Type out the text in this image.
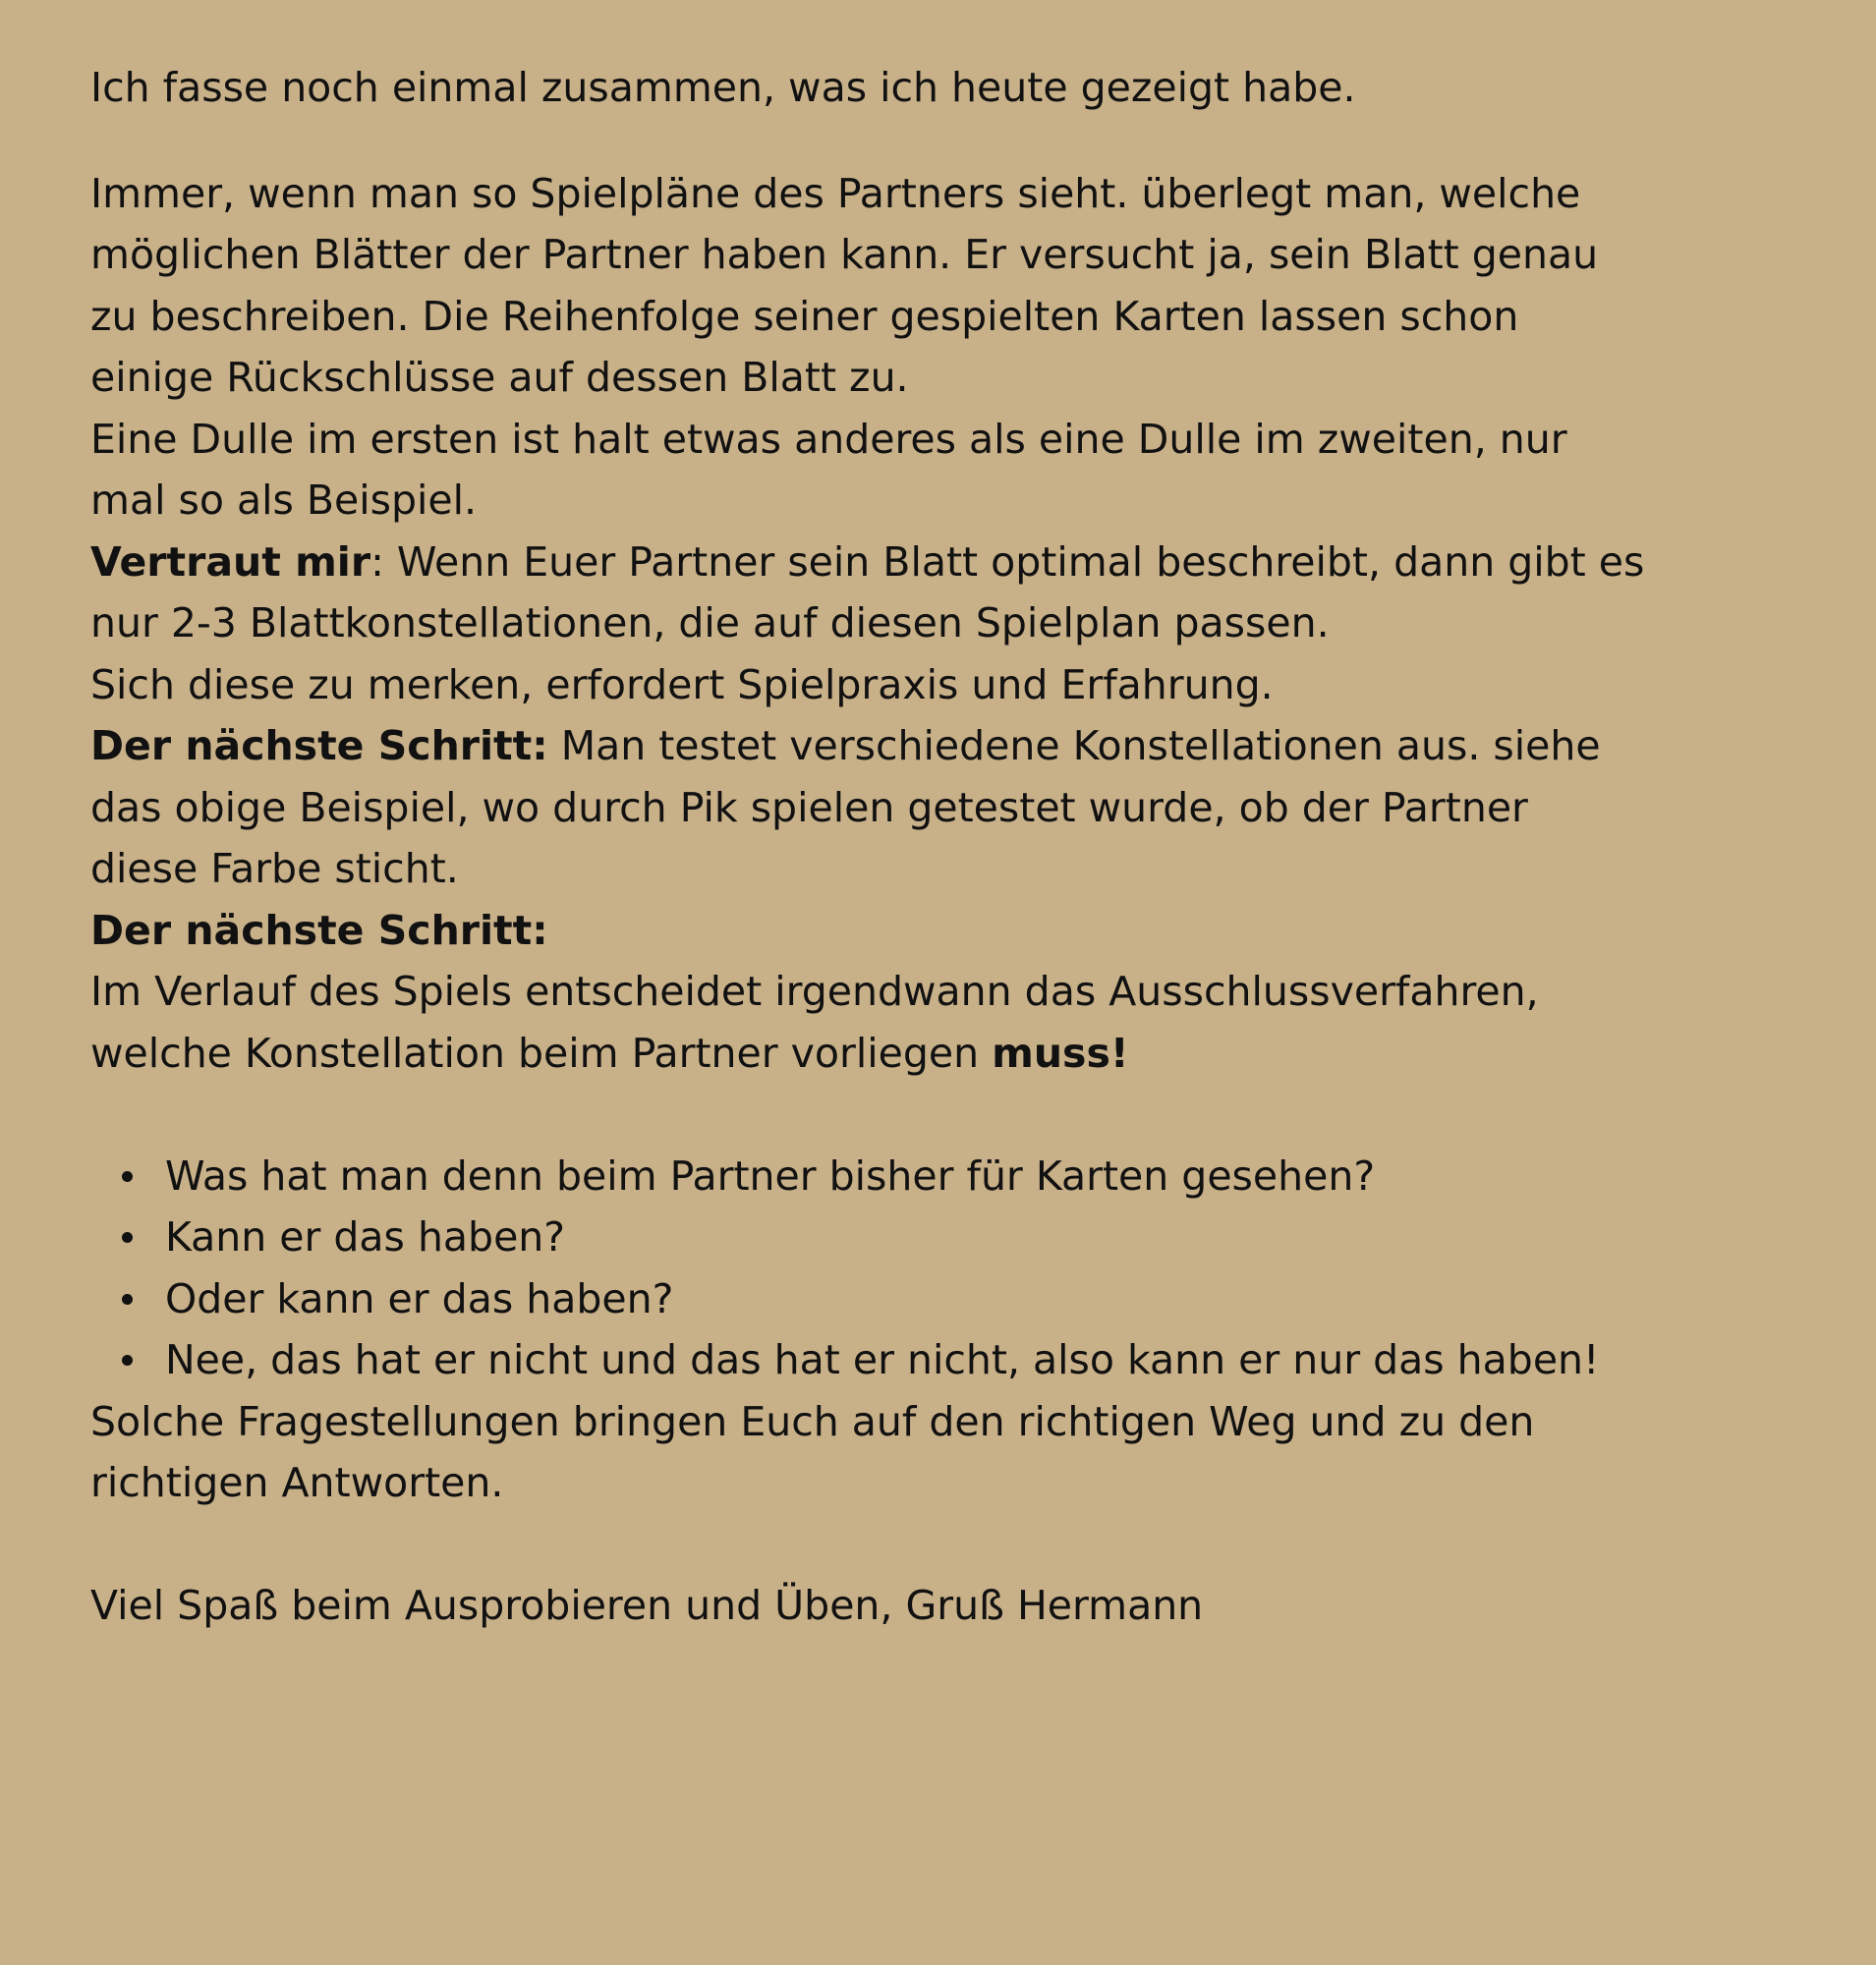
Ich fasse noch einmal zusammen, was ich heute gezeigt habe.
Immer, wenn man so Spielpläne des Partners sieht. überlegt man, welche
möglichen Blätter der Partner haben kann. Er versucht ja, sein Blatt genau
zu beschreiben. Die Reihenfolge seiner gespielten Karten lassen schon
einige Rückschlüsse auf dessen Blatt zu.
Eine Dulle im ersten ist halt etwas anderes als eine Dulle im zweiten, nur
mal so als Beispiel.
Vertraut mir: Wenn Euer Partner sein Blatt optimal beschreibt, dann gibt es
nur 2-3 Blattkonstellationen, die auf diesen Spielplan passen.
Sich diese zu merken, erfordert Spielpraxis und Erfahrung.
Der nächste Schritt: Man testet verschiedene Konstellationen aus. siehe
das obige Beispiel, wo durch Pik spielen getestet wurde, ob der Partner
diese Farbe sticht.
Der nächste Schritt:
Im Verlauf des Spiels entscheidet irgendwann das Ausschlussverfahren,
welche Konstellation beim Partner vorliegen muss!
Was hat man denn beim Partner bisher für Karten gesehen?
Kann er das haben?
Oder kann er das haben?
Nee, das hat er nicht und das hat er nicht, also kann er nur das haben!
Solche Fragestellungen bringen Euch auf den richtigen Weg und zu den
richtigen Antworten.
Viel Spaß beim Ausprobieren und Üben, Gruß Hermann
